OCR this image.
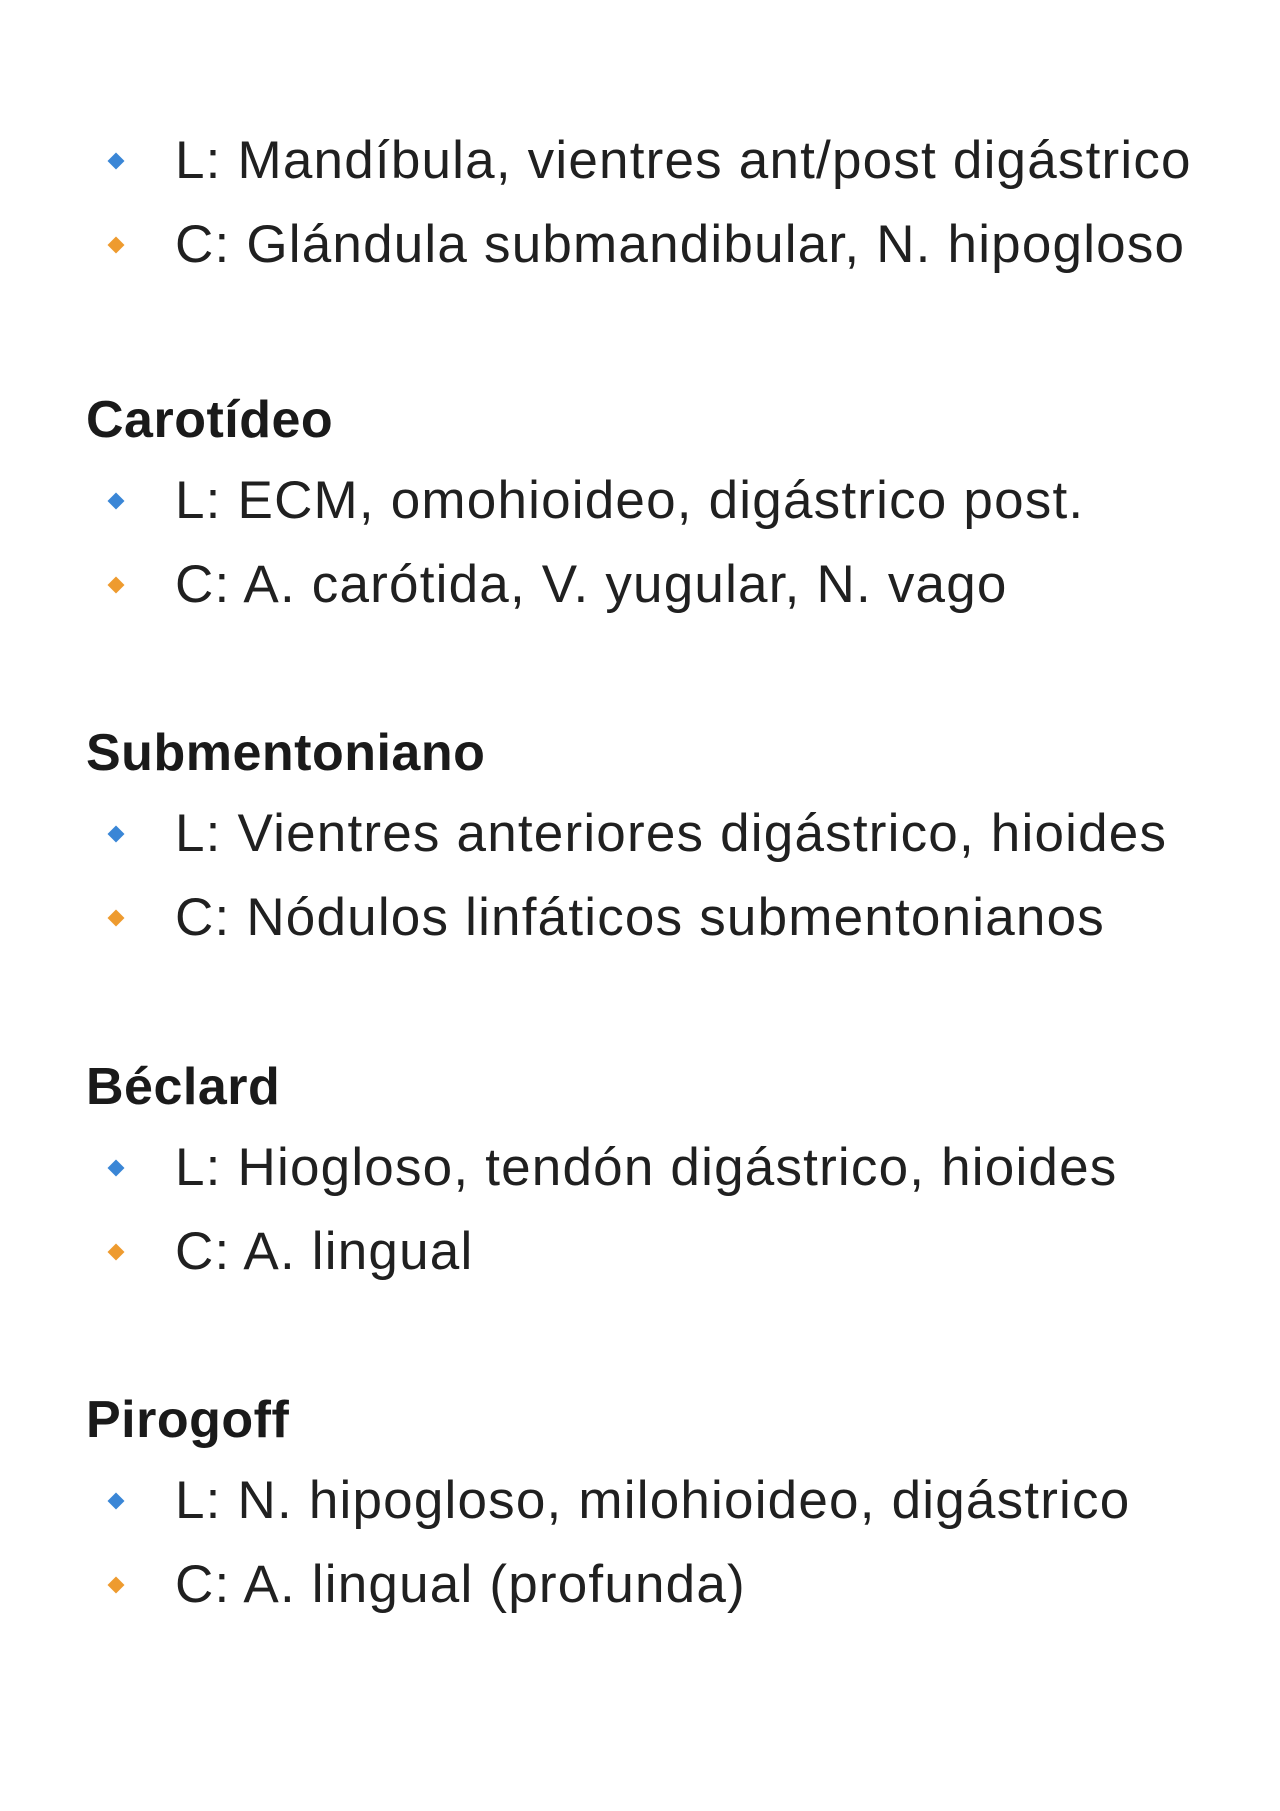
L: Mandíbula, vientres ant/post digástrico
C: Glándula submandibular, N. hipogloso
Carotídeo
L: ECM, omohioideo, digástrico post.
C: A. carótida, V. yugular, N. vago
Submentoniano
L: Vientres anteriores digástrico, hioides
C: Nódulos linfáticos submentonianos
Béclard
L: Hiogloso, tendón digástrico, hioides
C: A. lingual
Pirogoff
L: N. hipogloso, milohioideo, digástrico
C: A. lingual (profunda)
